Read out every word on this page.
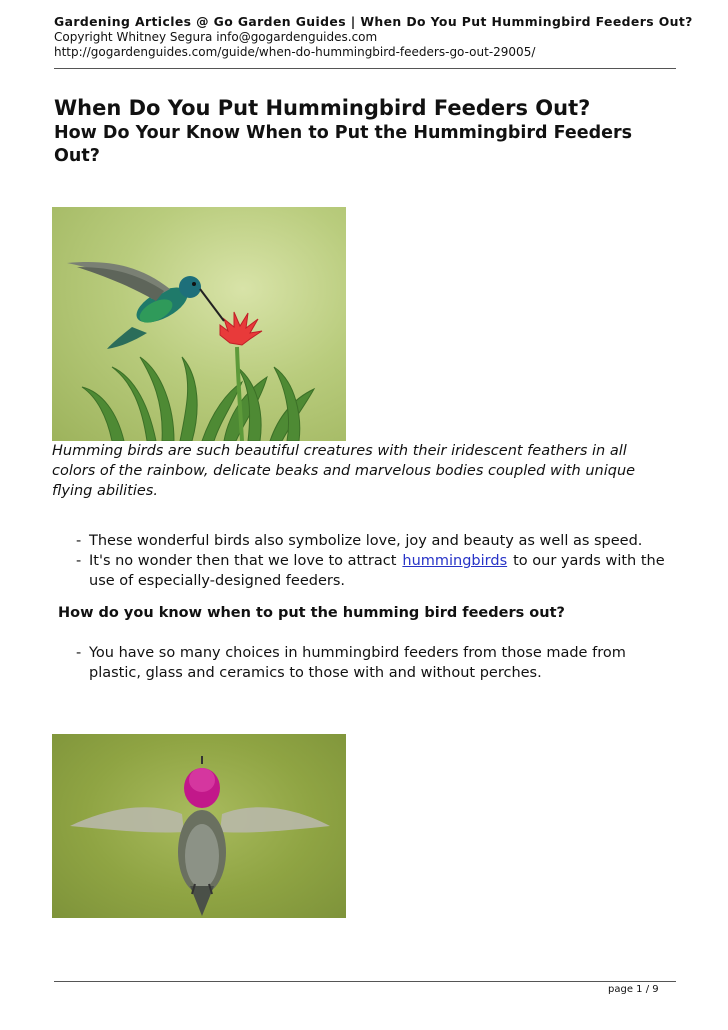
Gardening Articles @ Go Garden Guides | When Do You Put Hummingbird Feeders Out?
Copyright Whitney Segura info@gogardenguides.com
http://gogardenguides.com/guide/when-do-hummingbird-feeders-go-out-29005/
When Do You Put Hummingbird Feeders Out?
How Do Your Know When to Put the Hummingbird Feeders Out?
Humming birds are such beautiful creatures with their iridescent feathers in all colors of the rainbow, delicate beaks and marvelous bodies coupled with unique flying abilities.
- These wonderful birds also symbolize love, joy and beauty as well as speed.
- It's no wonder then that we love to attract hummingbirds to our yards with the use of especially-designed feeders.
How do you know when to put the humming bird feeders out?
- You have so many choices in hummingbird feeders from those made from plastic, glass and ceramics to those with and without perches.
page 1 / 9
